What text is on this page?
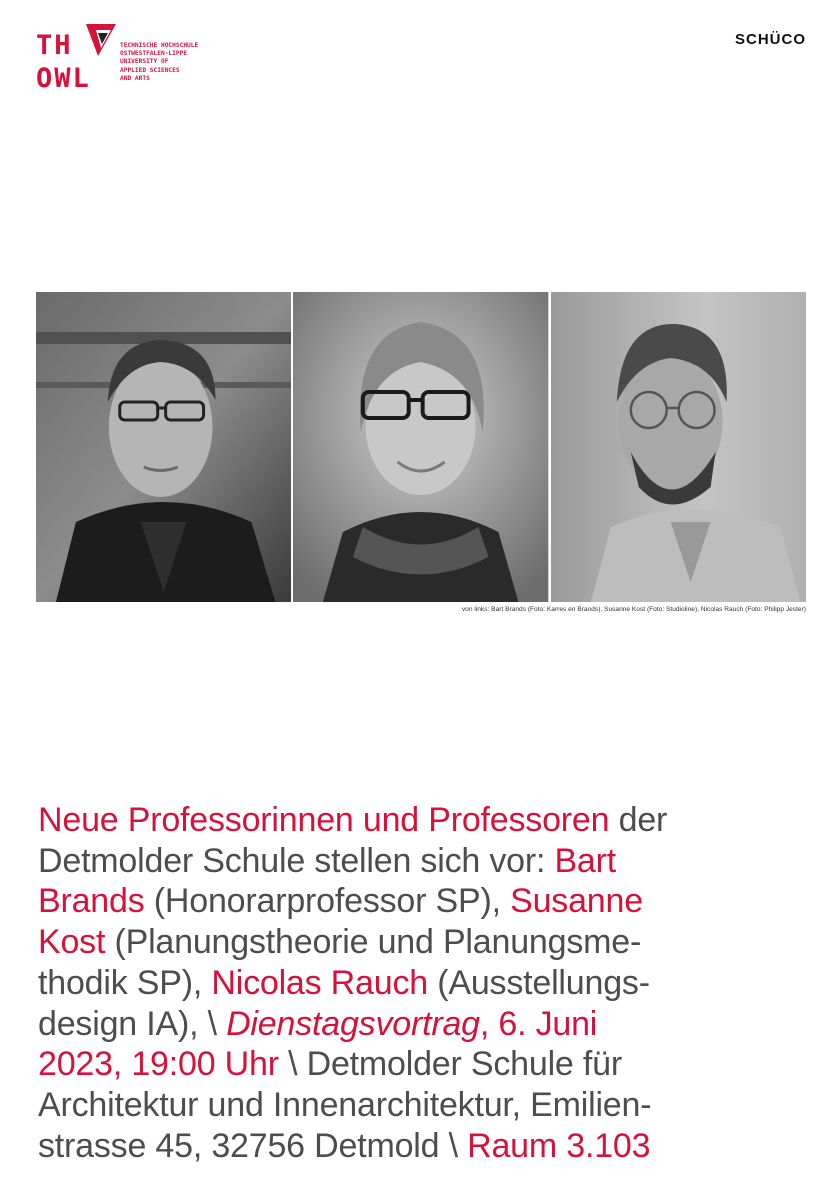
TH
OWL
TECHNISCHE HOCHSCHULE
OSTWESTFALEN-LIPPE
UNIVERSITY OF
APPLIED SCIENCES
AND ARTS
SCHÜCO
von links: Bart Brands (Foto: Karres en Brands), Susanne Kost (Foto: Studioline), Nicolas Rauch (Foto: Philipp Jester)
Neue Professorinnen und Professoren der
Detmolder Schule stellen sich vor: Bart
Brands (Honorarprofessor SP), Susanne
Kost (Planungstheorie und Planungsme-
thodik SP), Nicolas Rauch (Ausstellungs-
design IA), \ Dienstagsvortrag, 6. Juni
2023, 19:00 Uhr \ Detmolder Schule für
Architektur und Innenarchitektur, Emilien-
strasse 45, 32756 Detmold \ Raum 3.103
